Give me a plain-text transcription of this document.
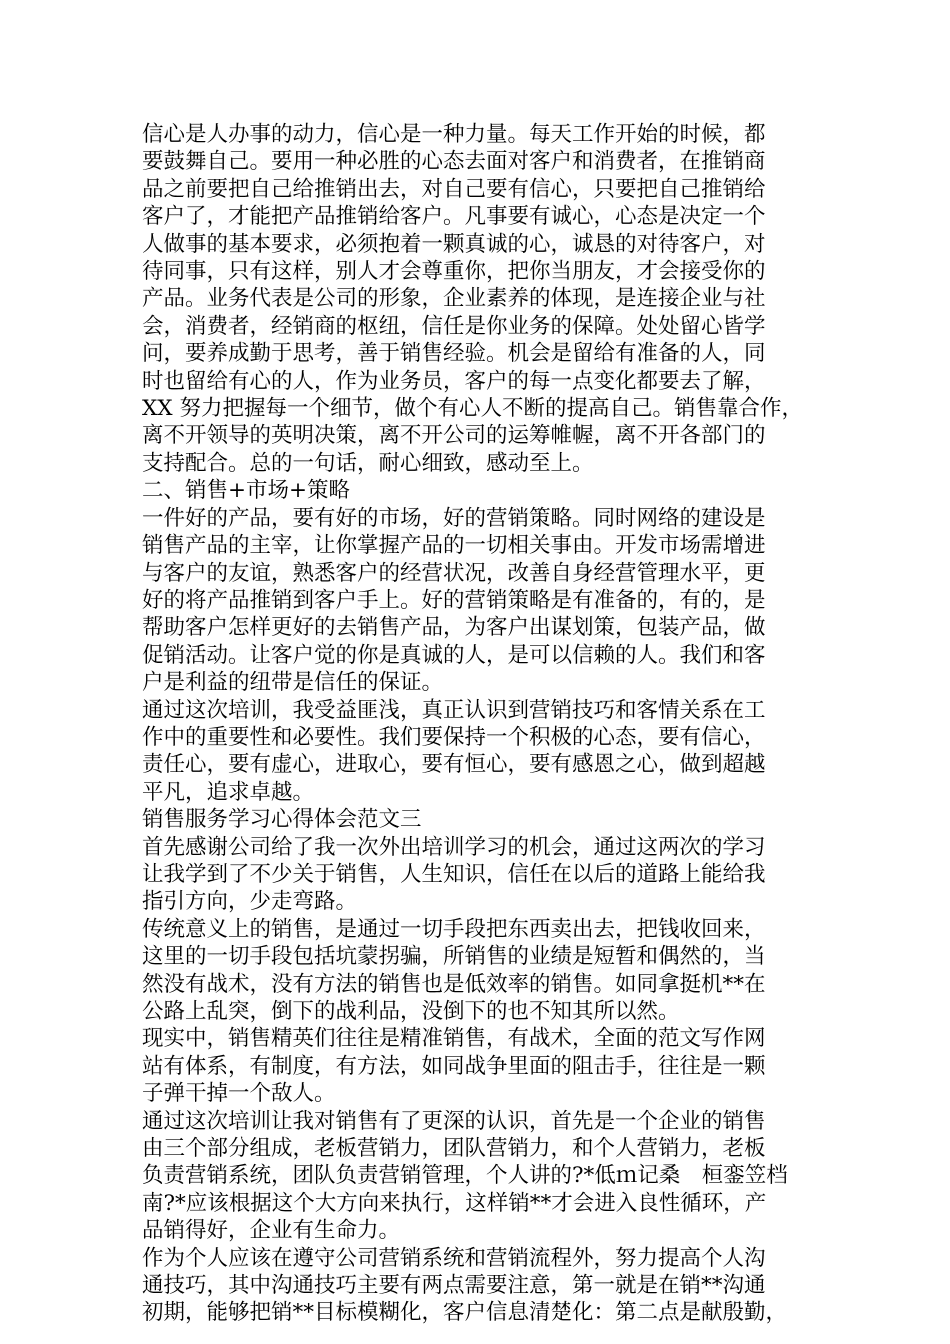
信心是人办事的动力，信心是一种力量。每天工作开始的时候，都
要鼓舞自己。要用一种必胜的心态去面对客户和消费者，在推销商
品之前要把自己给推销出去，对自己要有信心，只要把自己推销给
客户了，才能把产品推销给客户。凡事要有诚心，心态是决定一个
人做事的基本要求，必须抱着一颗真诚的心，诚恳的对待客户，对
待同事，只有这样，别人才会尊重你，把你当朋友，才会接受你的
产品。业务代表是公司的形象，企业素养的体现，是连接企业与社
会，消费者，经销商的枢纽，信任是你业务的保障。处处留心皆学
问，要养成勤于思考，善于销售经验。机会是留给有准备的人，同
时也留给有心的人，作为业务员，客户的每一点变化都要去了解，
XX 努力把握每一个细节，做个有心人不断的提高自己。销售靠合作，
离不开领导的英明决策，离不开公司的运筹帷幄，离不开各部门的
支持配合。总的一句话，耐心细致，感动至上。
二、销售+市场+策略
一件好的产品，要有好的市场，好的营销策略。同时网络的建设是
销售产品的主宰，让你掌握产品的一切相关事由。开发市场需增进
与客户的友谊，熟悉客户的经营状况，改善自身经营管理水平，更
好的将产品推销到客户手上。好的营销策略是有准备的，有的，是
帮助客户怎样更好的去销售产品，为客户出谋划策，包装产品，做
促销活动。让客户觉的你是真诚的人，是可以信赖的人。我们和客
户是利益的纽带是信任的保证。
通过这次培训，我受益匪浅，真正认识到营销技巧和客情关系在工
作中的重要性和必要性。我们要保持一个积极的心态，要有信心，
责任心，要有虚心，进取心，要有恒心，要有感恩之心，做到超越
平凡，追求卓越。
销售服务学习心得体会范文三
首先感谢公司给了我一次外出培训学习的机会，通过这两次的学习
让我学到了不少关于销售，人生知识，信任在以后的道路上能给我
指引方向，少走弯路。
传统意义上的销售，是通过一切手段把东西卖出去，把钱收回来，
这里的一切手段包括坑蒙拐骗，所销售的业绩是短暂和偶然的，当
然没有战术，没有方法的销售也是低效率的销售。如同拿挺机**在
公路上乱突，倒下的战利品，没倒下的也不知其所以然。
现实中，销售精英们往往是精准销售，有战术，全面的范文写作网
站有体系，有制度，有方法，如同战争里面的阻击手，往往是一颗
子弹干掉一个敌人。
通过这次培训让我对销售有了更深的认识，首先是一个企业的销售
由三个部分组成，老板营销力，团队营销力，和个人营销力，老板
负责营销系统，团队负责营销管理，个人讲的?*低ｍ记桑　桓銮笠档
南?*应该根据这个大方向来执行，这样销**才会进入良性循环，产
品销得好，企业有生命力。
作为个人应该在遵守公司营销系统和营销流程外，努力提高个人沟
通技巧，其中沟通技巧主要有两点需要注意，第一就是在销**沟通
初期，能够把销**目标模糊化，客户信息清楚化：第二点是献殷勤，
